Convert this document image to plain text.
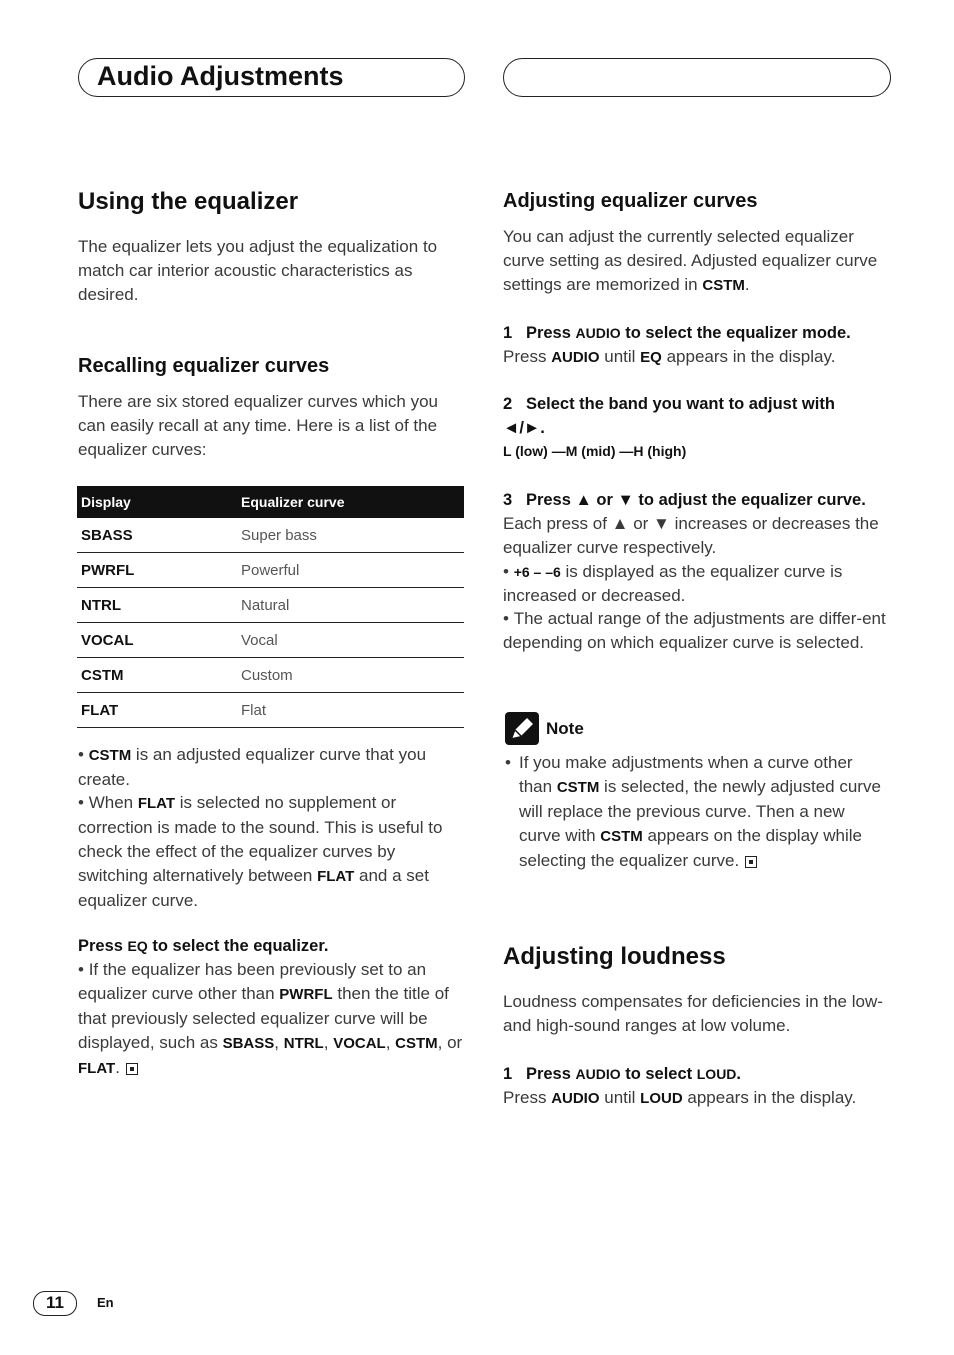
Audio Adjustments
Using the equalizer
The equalizer lets you adjust the equalization to match car interior acoustic characteristics as desired.
Recalling equalizer curves
There are six stored equalizer curves which you can easily recall at any time. Here is a list of the equalizer curves:
Display	Equalizer curve
SBASS	Super bass
PWRFL	Powerful
NTRL	Natural
VOCAL	Vocal
CSTM	Custom
FLAT	Flat
• CSTM is an adjusted equalizer curve that you create.
• When FLAT is selected no supplement or correction is made to the sound. This is useful to check the effect of the equalizer curves by switching alternatively between FLAT and a set equalizer curve.
Press EQ to select the equalizer.
• If the equalizer has been previously set to an equalizer curve other than PWRFL then the title of that previously selected equalizer curve will be displayed, such as SBASS, NTRL, VOCAL, CSTM, or FLAT.
Adjusting equalizer curves
You can adjust the currently selected equalizer curve setting as desired. Adjusted equalizer curve settings are memorized in CSTM.
1 Press AUDIO to select the equalizer mode.
Press AUDIO until EQ appears in the display.
2 Select the band you want to adjust with
◄/►.
L (low) —M (mid) —H (high)
3 Press ▲ or ▼ to adjust the equalizer curve.
Each press of ▲ or ▼ increases or decreases the equalizer curve respectively.
• +6 – –6 is displayed as the equalizer curve is increased or decreased.
• The actual range of the adjustments are differ-ent depending on which equalizer curve is selected.
Note
• If you make adjustments when a curve other than CSTM is selected, the newly adjusted curve will replace the previous curve. Then a new curve with CSTM appears on the display while selecting the equalizer curve.
Adjusting loudness
Loudness compensates for deficiencies in the low- and high-sound ranges at low volume.
1 Press AUDIO to select LOUD.
Press AUDIO until LOUD appears in the display.
11	En
